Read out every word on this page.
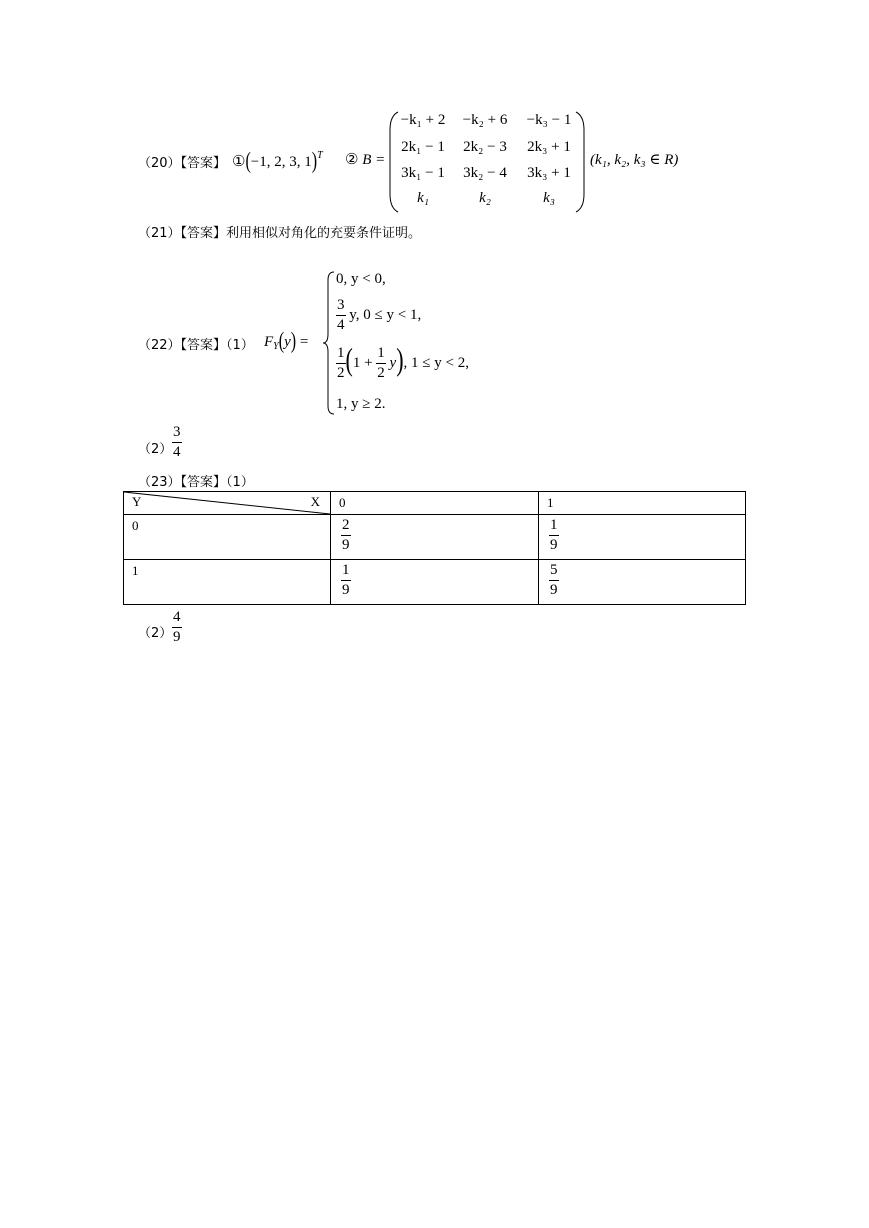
（20）【答案】 ①(−1, 2, 3, 1)$^T$ ② B =
−k₁ + 2	−k₂ + 6	−k₃ − 1
2k₁ − 1	2k₂ − 3	2k₃ + 1
3k₁ − 1	3k₂ − 4	3k₃ + 1
k₁	k₂	k₃
(k₁, k₂, k₃ ∈ R)
（21）【答案】利用相似对角化的充要条件证明。
（22）【答案】（1） $F_Y(y)$ =
0, y < 0,
$\frac{3}{4} y$, 0 ≤ y < 1,
$\frac{1}{2} (1 + \frac{1}{2} y)$, 1 ≤ y < 2,
1, y ≥ 2.
$(2) \frac{3}{4}$
（23）【答案】（1）
Y X	0	1

0	$\frac{2}{9}$	$\frac{1}{9}$

1	$\frac{1}{9}$	$\frac{5}{9}$
$(2) \frac{4}{9}$
